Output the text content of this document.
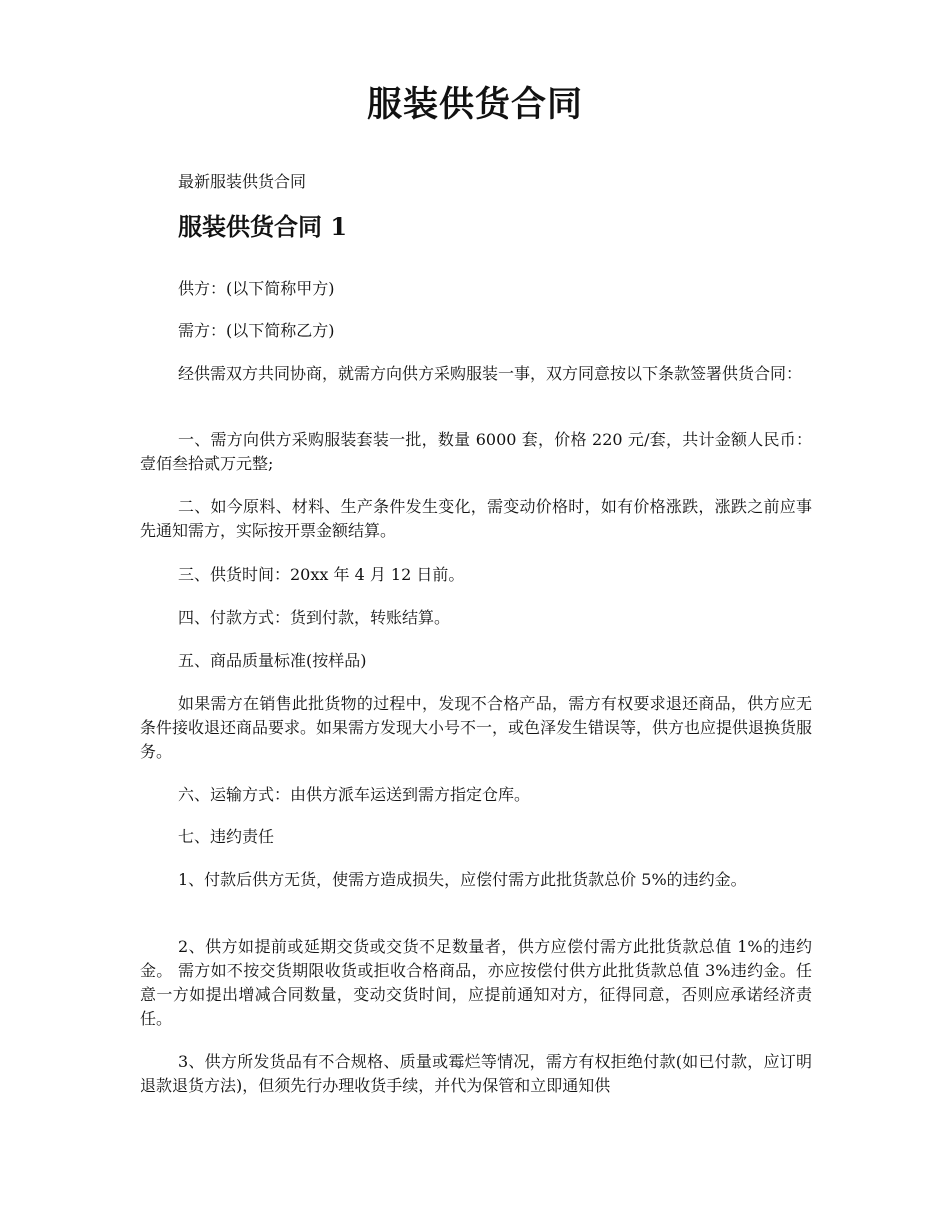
服装供货合同

最新服装供货合同

服装供货合同 1

供方：(以下简称甲方)

需方：(以下简称乙方)

经供需双方共同协商，就需方向供方采购服装一事，双方同意按以下条款签署供货合同：

一、需方向供方采购服装套装一批，数量 6000 套，价格 220 元/套，共计金额人民币：壹佰叁拾贰万元整;

二、如今原料、材料、生产条件发生变化，需变动价格时，如有价格涨跌，涨跌之前应事先通知需方，实际按开票金额结算。

三、供货时间：20xx 年 4 月 12 日前。

四、付款方式：货到付款，转账结算。

五、商品质量标准(按样品)

如果需方在销售此批货物的过程中，发现不合格产品，需方有权要求退还商品，供方应无条件接收退还商品要求。如果需方发现大小号不一，或色泽发生错误等，供方也应提供退换货服务。

六、运输方式：由供方派车运送到需方指定仓库。

七、违约责任

1、付款后供方无货，使需方造成损失，应偿付需方此批货款总价 5%的违约金。

2、供方如提前或延期交货或交货不足数量者，供方应偿付需方此批货款总值 1%的违约金。 需方如不按交货期限收货或拒收合格商品，亦应按偿付供方此批货款总值 3%违约金。任意一方如提出增减合同数量，变动交货时间，应提前通知对方，征得同意，否则应承诺经济责任。

3、供方所发货品有不合规格、质量或霉烂等情况，需方有权拒绝付款(如已付款，应订明退款退货方法)，但须先行办理收货手续，并代为保管和立即通知供
